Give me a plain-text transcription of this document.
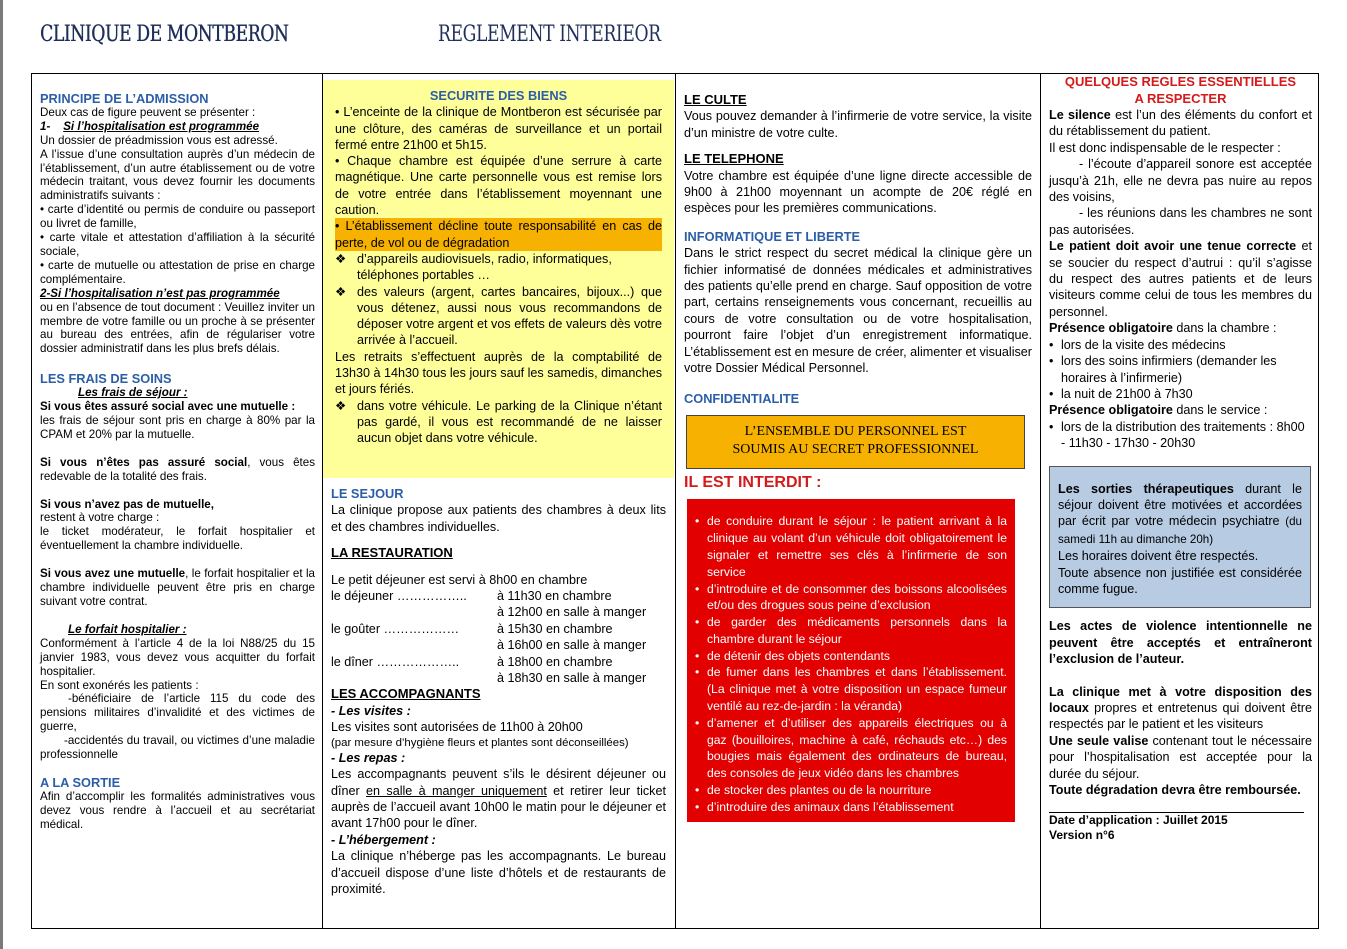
CLINIQUE DE MONTBERON	REGLEMENT INTERIEOR
PRINCIPE DE L’ADMISSION

Deux cas de figure peuvent se présenter :

1- Si l’hospitalisation est programmée

Un dossier de préadmission vous est adressé.

A l’issue d’une consultation auprès d’un médecin de l’établissement, d’un autre établissement ou de votre médecin traitant, vous devez fournir les documents administratifs suivants :

• carte d’identité ou permis de conduire ou passeport ou livret de famille,

• carte vitale et attestation d’affiliation à la sécurité sociale,

• carte de mutuelle ou attestation de prise en charge complémentaire.

2-Si l’hospitalisation n’est pas programmée

ou en l’absence de tout document : Veuillez inviter un membre de votre famille ou un proche à se présenter au bureau des entrées, afin de régulariser votre dossier administratif dans les plus brefs délais.

LES FRAIS DE SOINS

Les frais de séjour :

Si vous êtes assuré social avec une mutuelle :

les frais de séjour sont pris en charge à 80% par la CPAM et 20% par la mutuelle.

Si vous n’êtes pas assuré social, vous êtes redevable de la totalité des frais.

Si vous n’avez pas de mutuelle,

restent à votre charge :

le ticket modérateur, le forfait hospitalier et éventuellement la chambre individuelle.

Si vous avez une mutuelle, le forfait hospitalier et la chambre individuelle peuvent être pris en charge suivant votre contrat.

Le forfait hospitalier :

Conformément à l’article 4 de la loi N88/25 du 15 janvier 1983, vous devez vous acquitter du forfait hospitalier.

En sont exonérés les patients :

-bénéficiaire de l’article 115 du code des pensions militaires d’invalidité et des victimes de guerre,

-accidentés du travail, ou victimes d’une maladie professionnelle

A LA SORTIE

Afin d’accomplir les formalités administratives vous devez vous rendre à l’accueil et au secrétariat médical.

SECURITE DES BIENS

• L’enceinte de la clinique de Montberon est sécurisée par une clôture, des caméras de surveillance et un portail fermé entre 21h00 et 5h15.

• Chaque chambre est équipée d’une serrure à carte magnétique. Une carte personnelle vous est remise lors de votre entrée dans l’établissement moyennant une caution.

• L’établissement décline toute responsabilité en cas de perte, de vol ou de dégradation

❖ d’appareils audiovisuels, radio, informatiques, téléphones portables …
❖ des valeurs (argent, cartes bancaires, bijoux...) que vous détenez, aussi nous vous recommandons de déposer votre argent et vos effets de valeurs dès votre arrivée à l’accueil.

Les retraits s’effectuent auprès de la comptabilité de 13h30 à 14h30 tous les jours sauf les samedis, dimanches et jours fériés.

❖ dans votre véhicule. Le parking de la Clinique n’étant pas gardé, il vous est recommandé de ne laisser aucun objet dans votre véhicule.
LE SEJOUR

La clinique propose aux patients des chambres à deux lits et des chambres individuelles.

LA RESTAURATION
Le petit déjeuner est servi à 8h00 en chambre
le déjeuner ……………..	à 11h30 en chambre
à 12h00 en salle à manger
le goûter ………………	à 15h30 en chambre
à 16h00 en salle à manger
le dîner ………………..	à 18h00 en chambre
à 18h30 en salle à manger
LES ACCOMPAGNANTS

- Les visites :

Les visites sont autorisées de 11h00 à 20h00

(par mesure d’hygiène fleurs et plantes sont déconseillées)

- Les repas :

Les accompagnants peuvent s’ils le désirent déjeuner ou dîner en salle à manger uniquement et retirer leur ticket auprès de l’accueil avant 10h00 le matin pour le déjeuner et avant 17h00 pour le dîner.

- L’hébergement :

La clinique n’héberge pas les accompagnants. Le bureau d’accueil dispose d’une liste d’hôtels et de restaurants de proximité.

LE CULTE

Vous pouvez demander à l’infirmerie de votre service, la visite d’un ministre de votre culte.

LE TELEPHONE

Votre chambre est équipée d’une ligne directe accessible de 9h00 à 21h00 moyennant un acompte de 20€ réglé en espèces pour les premières communications.

INFORMATIQUE ET LIBERTE

Dans le strict respect du secret médical la clinique gère un fichier informatisé de données médicales et administratives des patients qu’elle prend en charge. Sauf opposition de votre part, certains renseignements vous concernant, recueillis au cours de votre consultation ou de votre hospitalisation, pourront faire l’objet d’un enregistrement informatique. L’établissement est en mesure de créer, alimenter et visualiser votre Dossier Médical Personnel.

CONFIDENTIALITE
L’ENSEMBLE DU PERSONNEL EST
SOUMIS AU SECRET PROFESSIONNEL
IL EST INTERDIT :
• de conduire durant le séjour : le patient arrivant à la clinique au volant d’un véhicule doit obligatoirement le signaler et remettre ses clés à l’infirmerie de son service
• d’introduire et de consommer des boissons alcoolisées et/ou des drogues sous peine d’exclusion
• de garder des médicaments personnels dans la chambre durant le séjour
• de détenir des objets contendants
• de fumer dans les chambres et dans l’établissement. (La clinique met à votre disposition un espace fumeur ventilé au rez-de-jardin : la véranda)
• d’amener et d’utiliser des appareils électriques ou à gaz (bouilloires, machine à café, réchauds etc…) des bougies mais également des ordinateurs de bureau, des consoles de jeux vidéo dans les chambres
• de stocker des plantes ou de la nourriture
• d’introduire des animaux dans l’établissement
QUELQUES REGLES ESSENTIELLES
A RESPECTER

Le silence est l’un des éléments du confort et du rétablissement du patient.

Il est donc indispensable de le respecter :

- l’écoute d’appareil sonore est acceptée jusqu’à 21h, elle ne devra pas nuire au repos des voisins,

- les réunions dans les chambres ne sont pas autorisées.

Le patient doit avoir une tenue correcte et se soucier du respect d’autrui : qu’il s’agisse du respect des autres patients et de leurs visiteurs comme celui de tous les membres du personnel.

Présence obligatoire dans la chambre :

• lors de la visite des médecins
• lors des soins infirmiers (demander les horaires à l’infirmerie)
• la nuit de 21h00 à 7h30

Présence obligatoire dans le service :

• lors de la distribution des traitements : 8h00 - 11h30 - 17h30 - 20h30

Les sorties thérapeutiques durant le séjour doivent être motivées et accordées par écrit par votre médecin psychiatre (du samedi 11h au dimanche 20h)

Les horaires doivent être respectés.

Toute absence non justifiée est considérée comme fugue.

Les actes de violence intentionnelle ne peuvent être acceptés et entraîneront l’exclusion de l’auteur.

La clinique met à votre disposition des locaux propres et entretenus qui doivent être respectés par le patient et les visiteurs

Une seule valise contenant tout le nécessaire pour l’hospitalisation est acceptée pour la durée du séjour.

Toute dégradation devra être remboursée.

Date d’application : Juillet 2015

Version n°6
